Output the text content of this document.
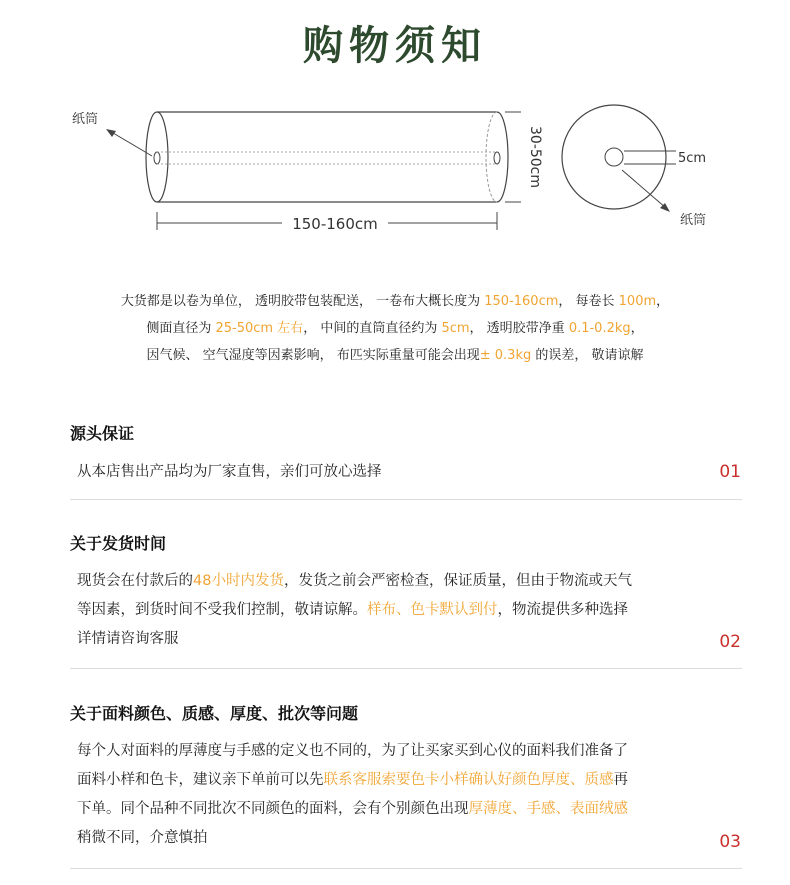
购物须知
纸筒
150-160cm
30-50cm	5cm
纸筒
大货都是以卷为单位， 透明胶带包装配送， 一卷布大概长度为 150-160cm， 每卷长 100m，
侧面直径为 25-50cm 左右， 中间的直筒直径约为 5cm， 透明胶带净重 0.1-0.2kg，
因气候、 空气湿度等因素影响， 布匹实际重量可能会出现± 0.3kg 的误差， 敬请谅解
源头保证
从本店售出产品均为厂家直售，亲们可放心选择	01
关于发货时间
现货会在付款后的48小时内发货，发货之前会严密检查，保证质量，但由于物流或天气
等因素，到货时间不受我们控制，敬请谅解。样布、色卡默认到付，物流提供多种选择
详情请咨询客服	02
关于面料颜色、质感、厚度、批次等问题
每个人对面料的厚薄度与手感的定义也不同的，为了让买家买到心仪的面料我们准备了
面料小样和色卡，建议亲下单前可以先联系客服索要色卡小样确认好颜色厚度、质感再
下单。同个品种不同批次不同颜色的面料，会有个别颜色出现厚薄度、手感、表面绒感
稍微不同，介意慎拍	03
